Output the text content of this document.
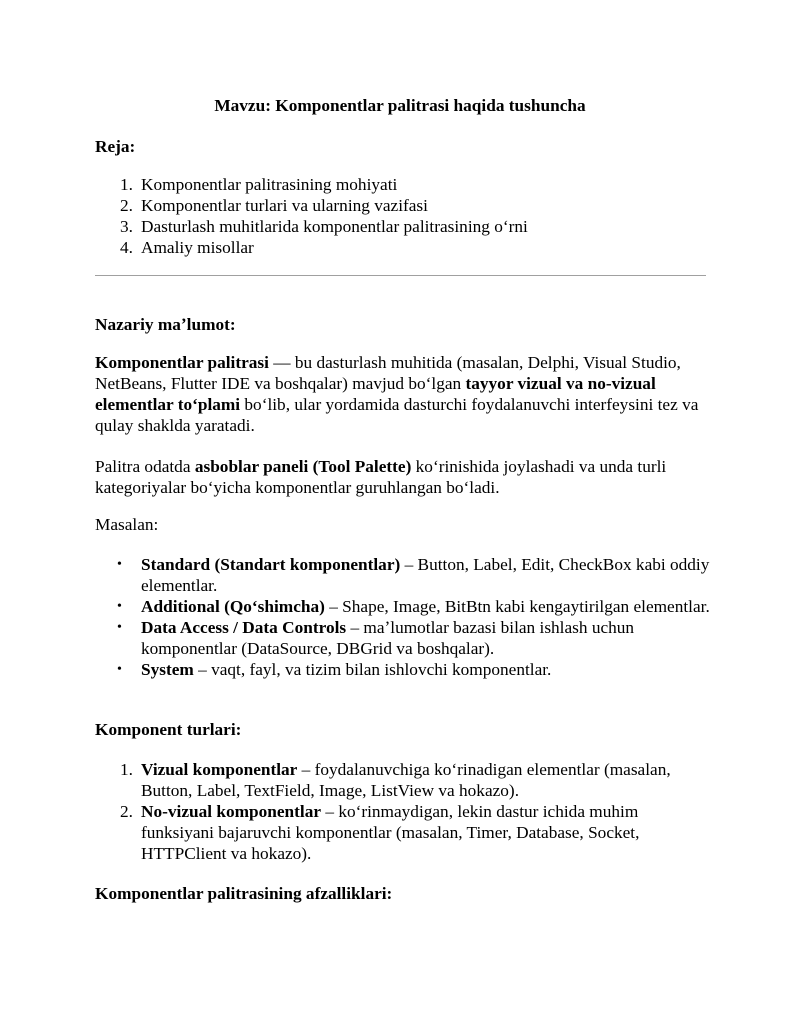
Mavzu: Komponentlar palitrasi haqida tushuncha
Reja:
1. Komponentlar palitrasining mohiyati
2. Komponentlar turlari va ularning vazifasi
3. Dasturlash muhitlarida komponentlar palitrasining oʻrni
4. Amaliy misollar
Nazariy maʼlumot:

Komponentlar palitrasi — bu dasturlash muhitida (masalan, Delphi, Visual Studio, NetBeans, Flutter IDE va boshqalar) mavjud boʻlgan tayyor vizual va no-vizual elementlar toʻplami boʻlib, ular yordamida dasturchi foydalanuvchi interfeysini tez va qulay shaklda yaratadi.

Palitra odatda asboblar paneli (Tool Palette) koʻrinishida joylashadi va unda turli kategoriyalar boʻyicha komponentlar guruhlangan boʻladi.

Masalan:

• Standard (Standart komponentlar) – Button, Label, Edit, CheckBox kabi oddiy elementlar.
• Additional (Qoʻshimcha) – Shape, Image, BitBtn kabi kengaytirilgan elementlar.
• Data Access / Data Controls – maʼlumotlar bazasi bilan ishlash uchun komponentlar (DataSource, DBGrid va boshqalar).
• System – vaqt, fayl, va tizim bilan ishlovchi komponentlar.
Komponent turlari:
1. Vizual komponentlar – foydalanuvchiga koʻrinadigan elementlar (masalan, Button, Label, TextField, Image, ListView va hokazo).
2. No-vizual komponentlar – koʻrinmaydigan, lekin dastur ichida muhim funksiyani bajaruvchi komponentlar (masalan, Timer, Database, Socket, HTTPClient va hokazo).
Komponentlar palitrasining afzalliklari:
